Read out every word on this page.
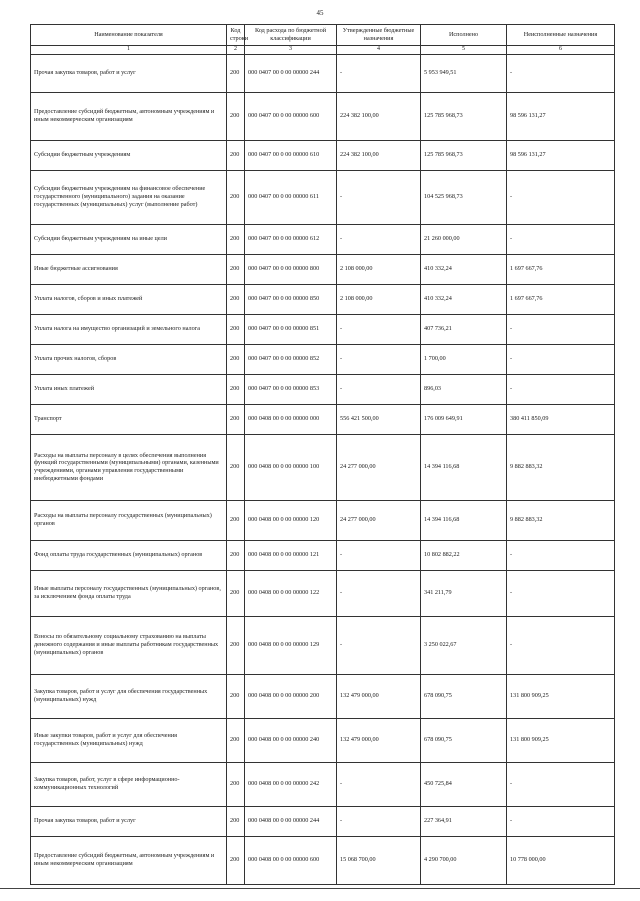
45
Наименование показателя	Код строки	Код расхода по бюджетной классификации	Утвержденные бюджетные назначения	Исполнено	Неисполненные назначения
1	2	3	4	5	6
Прочая закупка товаров, работ и услуг	200	000 0407 00 0 00 00000 244	-	5 953 949,51	-
Предоставление субсидий бюджетным, автономным учреждениям и иным некоммерческим организациям	200	000 0407 00 0 00 00000 600	224 382 100,00	125 785 968,73	98 596 131,27
Субсидии бюджетным учреждениям	200	000 0407 00 0 00 00000 610	224 382 100,00	125 785 968,73	98 596 131,27
Субсидии бюджетным учреждениям на финансовое обеспечение государственного (муниципального) задания на оказание государственных (муниципальных) услуг (выполнение работ)	200	000 0407 00 0 00 00000 611	-	104 525 968,73	-
Субсидии бюджетным учреждениям на иные цели	200	000 0407 00 0 00 00000 612	-	21 260 000,00	-
Иные бюджетные ассигнования	200	000 0407 00 0 00 00000 800	2 108 000,00	410 332,24	1 697 667,76
Уплата налогов, сборов и иных платежей	200	000 0407 00 0 00 00000 850	2 108 000,00	410 332,24	1 697 667,76
Уплата налога на имущество организаций и земельного налога	200	000 0407 00 0 00 00000 851	-	407 736,21	-
Уплата прочих налогов, сборов	200	000 0407 00 0 00 00000 852	-	1 700,00	-
Уплата иных платежей	200	000 0407 00 0 00 00000 853	-	896,03	-
Транспорт	200	000 0408 00 0 00 00000 000	556 421 500,00	176 009 649,91	380 411 850,09
Расходы на выплаты персоналу в целях обеспечения выполнения функций государственными (муниципальными) органами, казенными учреждениями, органами управления государственными внебюджетными фондами	200	000 0408 00 0 00 00000 100	24 277 000,00	14 394 116,68	9 882 883,32
Расходы на выплаты персоналу государственных (муниципальных) органов	200	000 0408 00 0 00 00000 120	24 277 000,00	14 394 116,68	9 882 883,32
Фонд оплаты труда государственных (муниципальных) органов	200	000 0408 00 0 00 00000 121	-	10 802 882,22	-
Иные выплаты персоналу государственных (муниципальных) органов, за исключением фонда оплаты труда	200	000 0408 00 0 00 00000 122	-	341 211,79	-
Взносы по обязательному социальному страхованию на выплаты денежного содержания и иные выплаты работникам государственных (муниципальных) органов	200	000 0408 00 0 00 00000 129	-	3 250 022,67	-
Закупка товаров, работ и услуг для обеспечения государственных (муниципальных) нужд	200	000 0408 00 0 00 00000 200	132 479 000,00	678 090,75	131 800 909,25
Иные закупки товаров, работ и услуг для обеспечения государственных (муниципальных) нужд	200	000 0408 00 0 00 00000 240	132 479 000,00	678 090,75	131 800 909,25
Закупка товаров, работ, услуг в сфере информационно-коммуникационных технологий	200	000 0408 00 0 00 00000 242	-	450 725,84	-
Прочая закупка товаров, работ и услуг	200	000 0408 00 0 00 00000 244	-	227 364,91	-
Предоставление субсидий бюджетным, автономным учреждениям и иным некоммерческим организациям	200	000 0408 00 0 00 00000 600	15 068 700,00	4 290 700,00	10 778 000,00
